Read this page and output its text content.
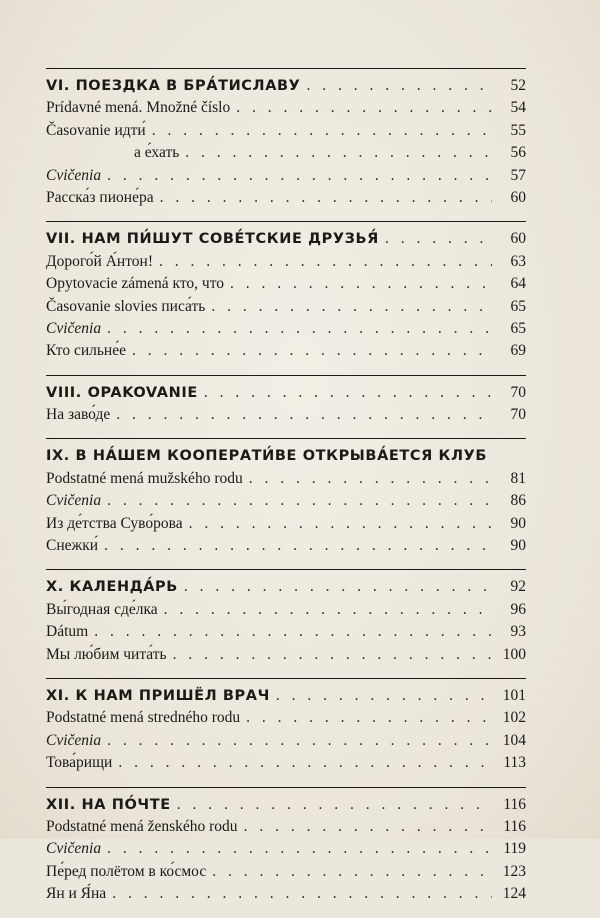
VI. ПОЕЗДКА В БРА́ТИСЛАВУ . . .	52
Prídavné mená. Množné číslo . . .	54
Časovanie идти́ . . .	55
а е́хать . . .	56
Cvičenia . . .	57
Расска́з пионе́ра . . .	60
VII. НАМ ПИ́ШУТ СОВЕ́ТСКИЕ ДРУЗЬЯ́ . . .	60
Дорого́й А́нтон! . . .	63
Opytovacie zámená кто, что . . .	64
Časovanie slovies писа́ть . . .	65
Cvičenia . . .	65
Кто сильне́е . . .	69
VIII. OPAKOVANIE . . .	70
На заво́де . . .	70
IX. В НА́ШЕМ КООПЕРАТИ́ВЕ ОТКРЫВА́ЕТСЯ КЛУБ
Podstatné mená mužského rodu . . .	81
Cvičenia . . .	86
Из де́тства Суво́рова . . .	90
Снежки́ . . .	90
X. КАЛЕНДА́РЬ . . .	92
Вы́годная сде́лка . . .	96
Dátum . . .	93
Мы лю́бим чита́ть . . .	100
XI. К НАМ ПРИШЁЛ ВРАЧ . . .	101
Podstatné mená stredného rodu . . .	102
Cvičenia . . .	104
Това́рищи . . .	113
XII. НА ПО́ЧТЕ . . .	116
Podstatné mená ženského rodu . . .	116
Cvičenia . . .	119
Пе́ред полётом в ко́смос . . .	123
Ян и Я́на . . .	124
